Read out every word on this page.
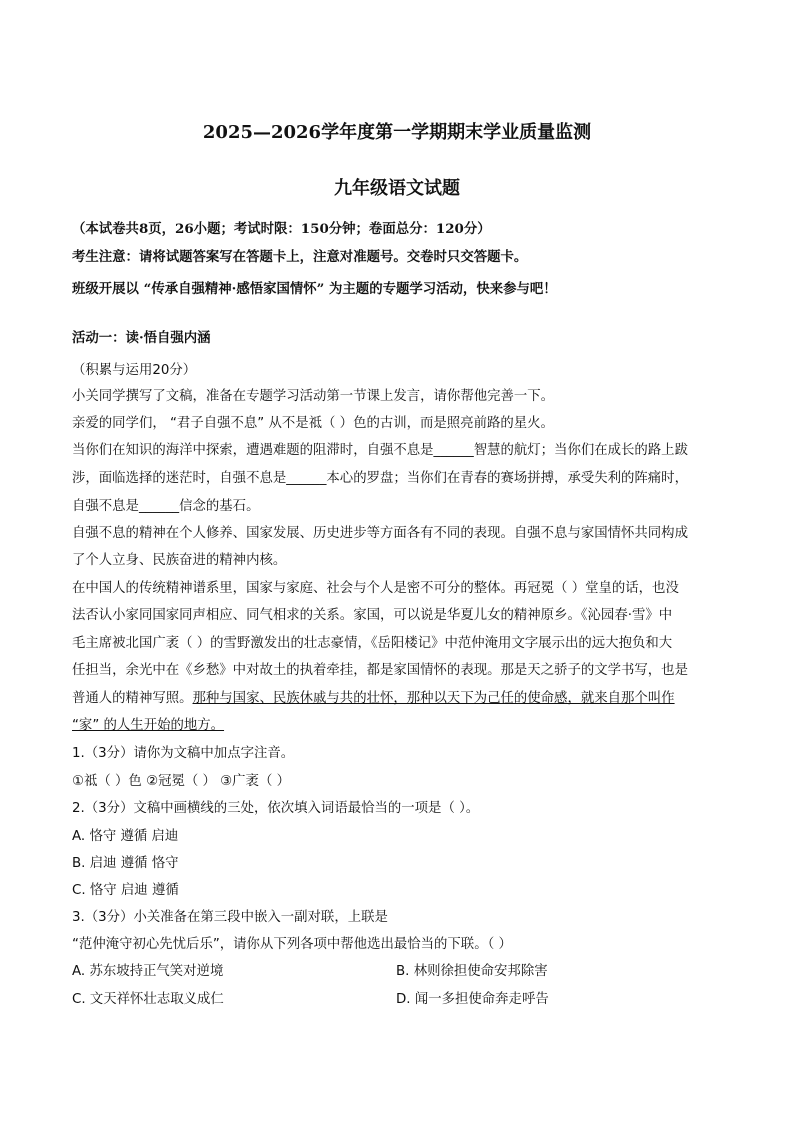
2025—2026学年度第一学期期末学业质量监测
九年级语文试题
（本试卷共8页，26小题；考试时限：150分钟；卷面总分：120分）
考生注意：请将试题答案写在答题卡上，注意对准题号。交卷时只交答题卡。
班级开展以 “传承自强精神·感悟家国情怀” 为主题的专题学习活动，快来参与吧！
活动一：读·悟自强内涵
（积累与运用20分）
小关同学撰写了文稿，准备在专题学习活动第一节课上发言，请你帮他完善一下。
亲爱的同学们， “君子自强不息” 从不是祗（ ）色的古训，而是照亮前路的星火。
当你们在知识的海洋中探索，遭遇难题的阻滞时，自强不息是______智慧的航灯；当你们在成长的路上跋
涉，面临选择的迷茫时，自强不息是______本心的罗盘；当你们在青春的赛场拼搏，承受失利的阵痛时，
自强不息是______信念的基石。
自强不息的精神在个人修养、国家发展、历史进步等方面各有不同的表现。自强不息与家国情怀共同构成
了个人立身、民族奋进的精神内核。
在中国人的传统精神谱系里，国家与家庭、社会与个人是密不可分的整体。再冠冕（ ）堂皇的话，也没
法否认小家同国家同声相应、同气相求的关系。家国，可以说是华夏儿女的精神原乡。《沁园春·雪》中
毛主席被北国广袤（ ）的雪野激发出的壮志豪情，《岳阳楼记》中范仲淹用文字展示出的远大抱负和大
任担当，余光中在《乡愁》中对故土的执着牵挂，都是家国情怀的表现。那是天之骄子的文学书写，也是
普通人的精神写照。那种与国家、民族休戚与共的壮怀，那种以天下为己任的使命感，就来自那个叫作
“家” 的人生开始的地方。
1.（3分）请你为文稿中加点字注音。
①祗（ ）色 ②冠冕（ ） ③广袤（ ）
2.（3分）文稿中画横线的三处，依次填入词语最恰当的一项是（ ）。
A. 恪守 遵循 启迪
B. 启迪 遵循 恪守
C. 恪守 启迪 遵循
3.（3分）小关准备在第三段中嵌入一副对联，上联是
“范仲淹守初心先忧后乐”，请你从下列各项中帮他选出最恰当的下联。（ ）
A. 苏东坡持正气笑对逆境	B. 林则徐担使命安邦除害
C. 文天祥怀壮志取义成仁	D. 闻一多担使命奔走呼告
